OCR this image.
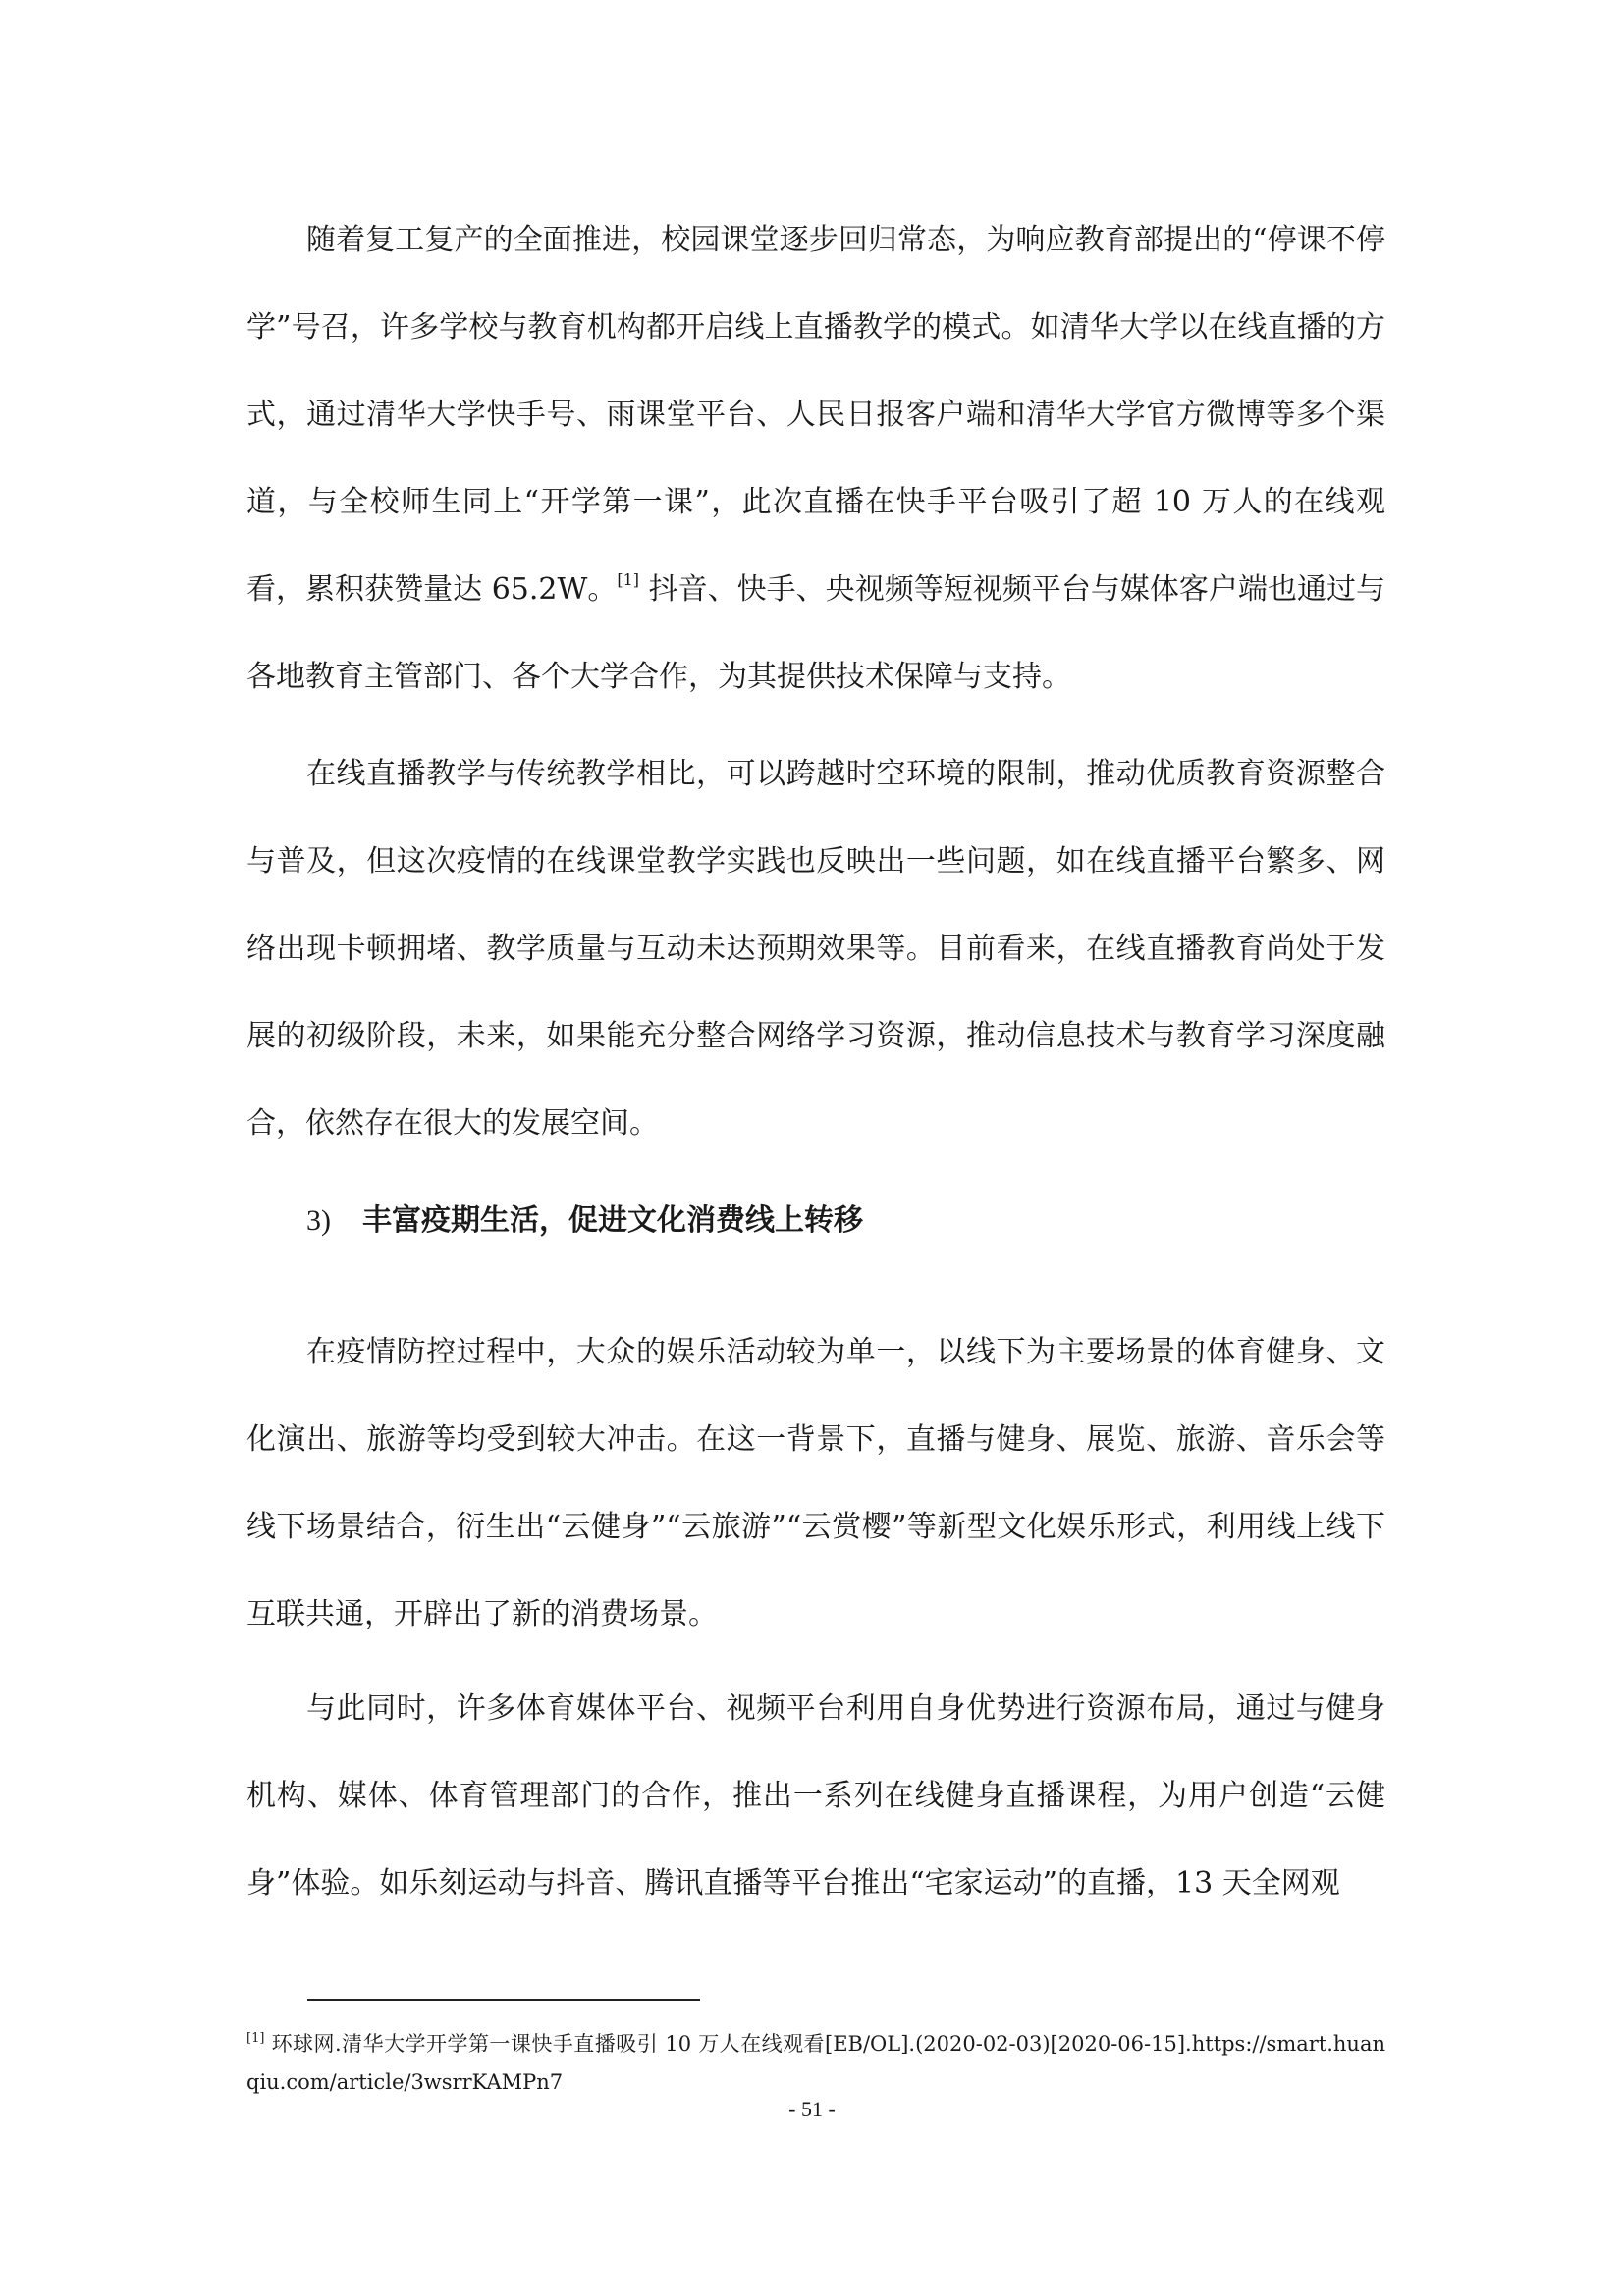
随着复工复产的全面推进，校园课堂逐步回归常态，为响应教育部提出的“停课不停学”号召，许多学校与教育机构都开启线上直播教学的模式。如清华大学以在线直播的方式，通过清华大学快手号、雨课堂平台、人民日报客户端和清华大学官方微博等多个渠道，与全校师生同上“开学第一课”，此次直播在快手平台吸引了超 10 万人的在线观看，累积获赞量达 65.2W。[1] 抖音、快手、央视频等短视频平台与媒体客户端也通过与各地教育主管部门、各个大学合作，为其提供技术保障与支持。

在线直播教学与传统教学相比，可以跨越时空环境的限制，推动优质教育资源整合与普及，但这次疫情的在线课堂教学实践也反映出一些问题，如在线直播平台繁多、网络出现卡顿拥堵、教学质量与互动未达预期效果等。目前看来，在线直播教育尚处于发展的初级阶段，未来，如果能充分整合网络学习资源，推动信息技术与教育学习深度融合，依然存在很大的发展空间。

3) 丰富疫期生活，促进文化消费线上转移

在疫情防控过程中，大众的娱乐活动较为单一，以线下为主要场景的体育健身、文化演出、旅游等均受到较大冲击。在这一背景下，直播与健身、展览、旅游、音乐会等线下场景结合，衍生出“云健身”“云旅游”“云赏樱”等新型文化娱乐形式，利用线上线下互联共通，开辟出了新的消费场景。

与此同时，许多体育媒体平台、视频平台利用自身优势进行资源布局，通过与健身机构、媒体、体育管理部门的合作，推出一系列在线健身直播课程，为用户创造“云健身”体验。如乐刻运动与抖音、腾讯直播等平台推出“宅家运动”的直播，13 天全网观

[1] 环球网.清华大学开学第一课快手直播吸引 10 万人在线观看[EB/OL].(2020-02-03)[2020-06-15].https://smart.huanqiu.com/article/3wsrrKAMPn7

- 51 -
